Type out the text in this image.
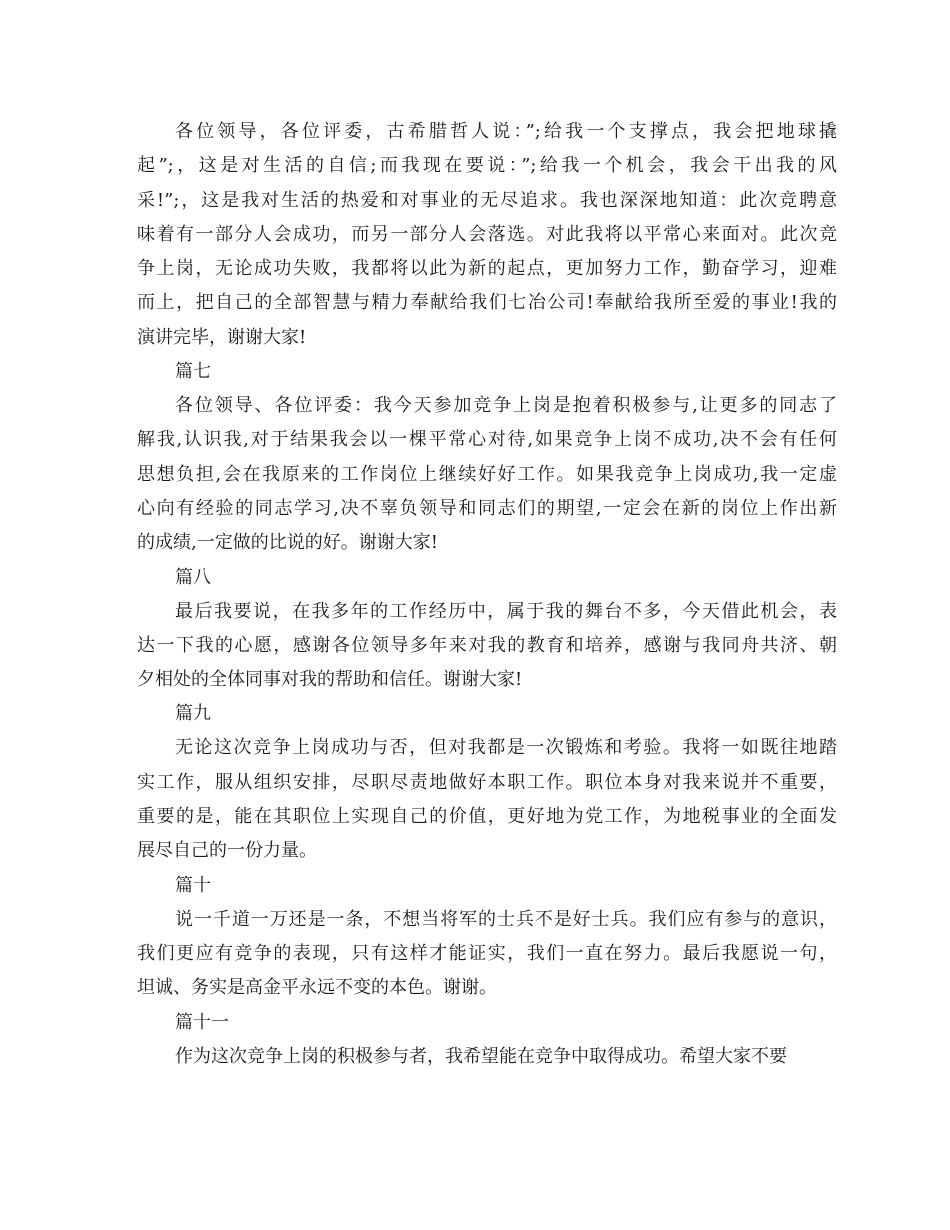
各位领导，各位评委，古希腊哲人说：”;给我一个支撑点，我会把地球撬
起”;，这是对生活的自信;而我现在要说：”;给我一个机会，我会干出我的风
采!”;，这是我对生活的热爱和对事业的无尽追求。我也深深地知道：此次竞聘意
味着有一部分人会成功，而另一部分人会落选。对此我将以平常心来面对。此次竞
争上岗，无论成功失败，我都将以此为新的起点，更加努力工作，勤奋学习，迎难
而上，把自己的全部智慧与精力奉献给我们七冶公司!奉献给我所至爱的事业!我的
演讲完毕，谢谢大家!
篇七
各位领导、各位评委：我今天参加竞争上岗是抱着积极参与,让更多的同志了
解我,认识我,对于结果我会以一棵平常心对待,如果竞争上岗不成功,决不会有任何
思想负担,会在我原来的工作岗位上继续好好工作。如果我竞争上岗成功,我一定虚
心向有经验的同志学习,决不辜负领导和同志们的期望,一定会在新的岗位上作出新
的成绩,一定做的比说的好。谢谢大家!
篇八
最后我要说，在我多年的工作经历中，属于我的舞台不多，今天借此机会，表
达一下我的心愿，感谢各位领导多年来对我的教育和培养，感谢与我同舟共济、朝
夕相处的全体同事对我的帮助和信任。谢谢大家!
篇九
无论这次竞争上岗成功与否，但对我都是一次锻炼和考验。我将一如既往地踏
实工作，服从组织安排，尽职尽责地做好本职工作。职位本身对我来说并不重要，
重要的是，能在其职位上实现自己的价值，更好地为党工作，为地税事业的全面发
展尽自己的一份力量。
篇十
说一千道一万还是一条，不想当将军的士兵不是好士兵。我们应有参与的意识，
我们更应有竞争的表现，只有这样才能证实，我们一直在努力。最后我愿说一句，
坦诚、务实是高金平永远不变的本色。谢谢。
篇十一
作为这次竞争上岗的积极参与者，我希望能在竞争中取得成功。希望大家不要
